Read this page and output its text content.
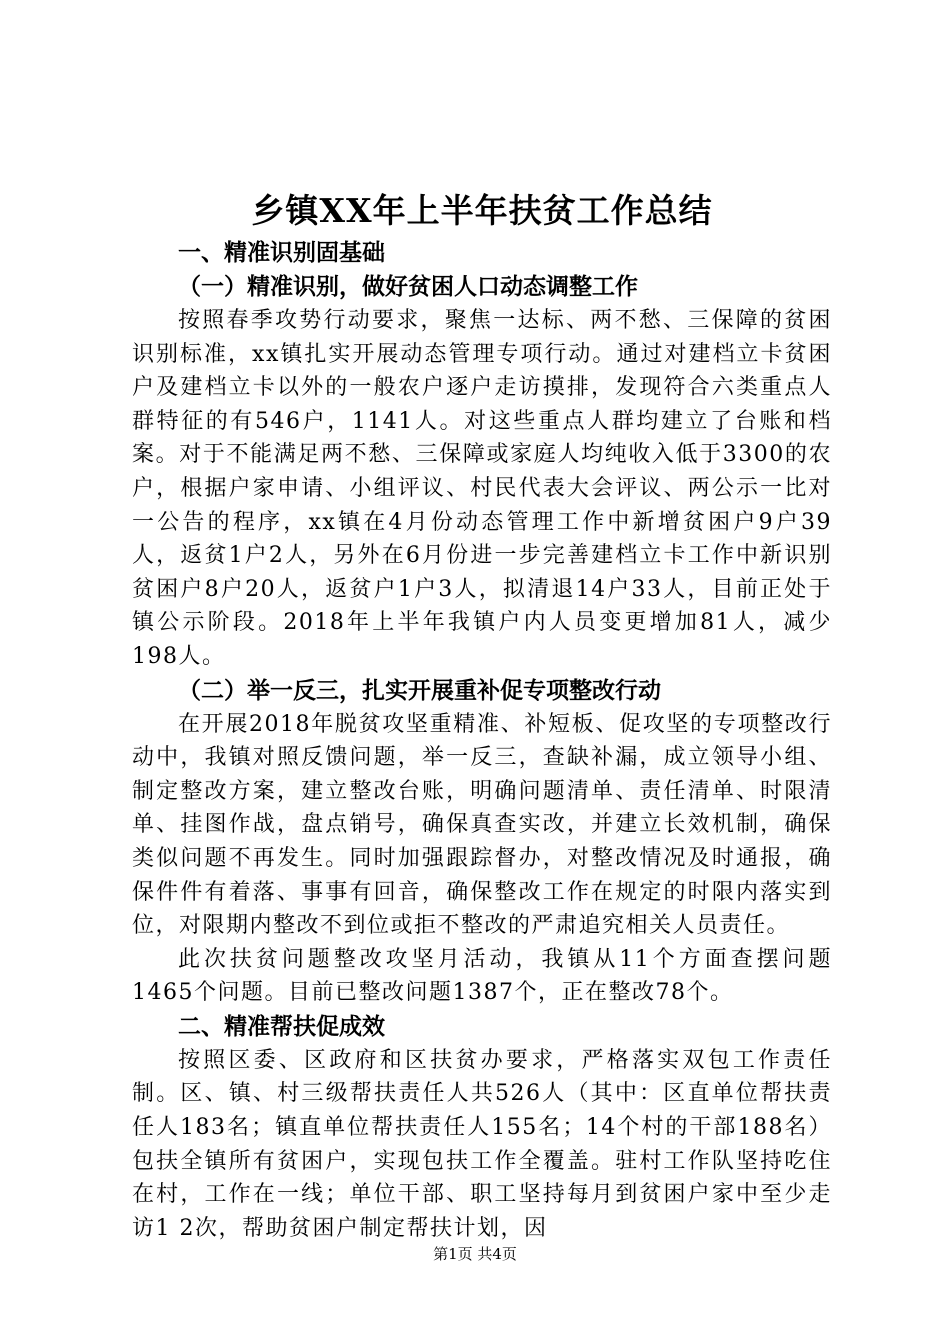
乡镇XX年上半年扶贫工作总结
一、精准识别固基础
（一）精准识别，做好贫困人口动态调整工作
按照春季攻势行动要求，聚焦一达标、两不愁、三保障的贫困识别标准，xx镇扎实开展动态管理专项行动。通过对建档立卡贫困户及建档立卡以外的一般农户逐户走访摸排，发现符合六类重点人群特征的有546户，1141人。对这些重点人群均建立了台账和档案。对于不能满足两不愁、三保障或家庭人均纯收入低于3300的农户，根据户家申请、小组评议、村民代表大会评议、两公示一比对一公告的程序，xx镇在4月份动态管理工作中新增贫困户9户39人，返贫1户2人，另外在6月份进一步完善建档立卡工作中新识别贫困户8户20人，返贫户1户3人，拟清退14户33人，目前正处于镇公示阶段。2018年上半年我镇户内人员变更增加81人，减少198人。
（二）举一反三，扎实开展重补促专项整改行动
在开展2018年脱贫攻坚重精准、补短板、促攻坚的专项整改行动中，我镇对照反馈问题，举一反三，查缺补漏，成立领导小组、制定整改方案，建立整改台账，明确问题清单、责任清单、时限清单、挂图作战，盘点销号，确保真查实改，并建立长效机制，确保类似问题不再发生。同时加强跟踪督办，对整改情况及时通报，确保件件有着落、事事有回音，确保整改工作在规定的时限内落实到位，对限期内整改不到位或拒不整改的严肃追究相关人员责任。
此次扶贫问题整改攻坚月活动，我镇从11个方面查摆问题1465个问题。目前已整改问题1387个，正在整改78个。
二、精准帮扶促成效
按照区委、区政府和区扶贫办要求，严格落实双包工作责任制。区、镇、村三级帮扶责任人共526人（其中：区直单位帮扶责任人183名；镇直单位帮扶责任人155名；14个村的干部188名）包扶全镇所有贫困户，实现包扶工作全覆盖。驻村工作队坚持吃住在村，工作在一线；单位干部、职工坚持每月到贫困户家中至少走访1 2次，帮助贫困户制定帮扶计划，因
第1页 共4页
